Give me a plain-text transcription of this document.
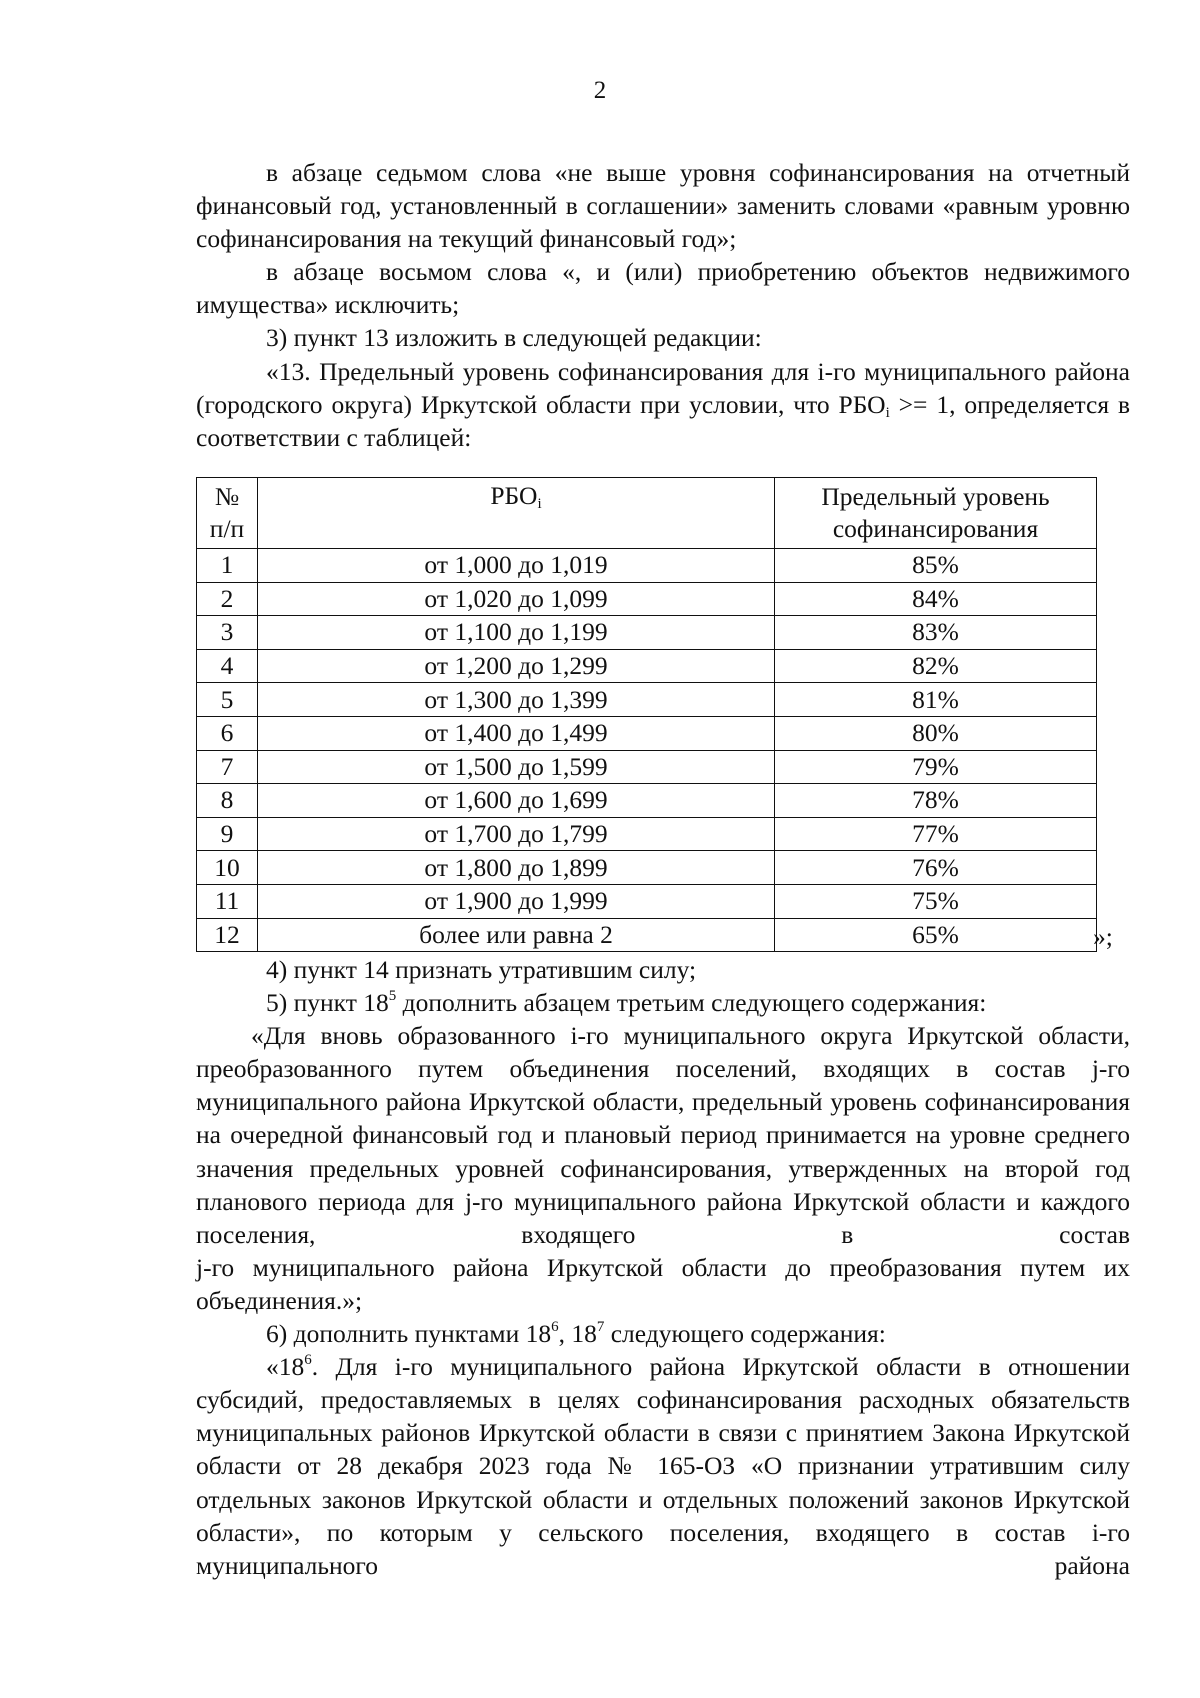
2

в абзаце седьмом слова «не выше уровня софинансирования на отчетный финансовый год, установленный в соглашении» заменить словами «равным уровню софинансирования на текущий финансовый год»;

в абзаце восьмом слова «, и (или) приобретению объектов недвижимого имущества» исключить;

3) пункт 13 изложить в следующей редакции:

«13. Предельный уровень софинансирования для i-го муниципального района (городского округа) Иркутской области при условии, что $РБО_i >= 1$, определяется в соответствии с таблицей:

№
п/п	$РБО_i$	Предельный уровень софинансирования
1	от 1,000 до 1,019	85%
2	от 1,020 до 1,099	84%
3	от 1,100 до 1,199	83%
4	от 1,200 до 1,299	82%
5	от 1,300 до 1,399	81%
6	от 1,400 до 1,499	80%
7	от 1,500 до 1,599	79%
8	от 1,600 до 1,699	78%
9	от 1,700 до 1,799	77%
10	от 1,800 до 1,899	76%
11	от 1,900 до 1,999	75%
12	более или равна 2	65%	»;

4) пункт 14 признать утратившим силу;

5) пункт $18^5$ дополнить абзацем третьим следующего содержания:

«Для вновь образованного i-го муниципального округа Иркутской области, преобразованного путем объединения поселений, входящих в состав j-го муниципального района Иркутской области, предельный уровень софинансирования на очередной финансовый год и плановый период принимается на уровне среднего значения предельных уровней софинансирования, утвержденных на второй год планового периода для j-го муниципального района Иркутской области и каждого поселения, входящего в состав

j-го муниципального района Иркутской области до преобразования путем их объединения.»;

6) дополнить пунктами $18^6$, $18^7$ следующего содержания:

«$18^6$. Для i-го муниципального района Иркутской области в отношении субсидий, предоставляемых в целях софинансирования расходных обязательств муниципальных районов Иркутской области в связи с принятием Закона Иркутской области от 28 декабря 2023 года № 165-ОЗ «О признании утратившим силу отдельных законов Иркутской области и отдельных положений законов Иркутской области», по которым у сельского поселения, входящего в состав i-го муниципального района
